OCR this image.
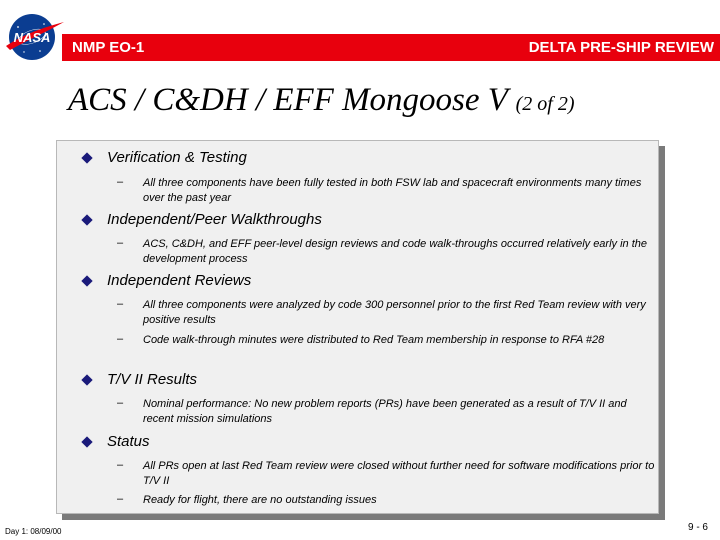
NASA
NMP EO-1	DELTA PRE-SHIP REVIEW
ACS / C&DH / EFF Mongoose V (2 of 2)
Verification & Testing
– All three components have been fully tested in both FSW lab and spacecraft environments many times over the past year
Independent/Peer Walkthroughs
– ACS, C&DH, and EFF peer-level design reviews and code walk-throughs occurred relatively early in the development process
Independent Reviews
– All three components were analyzed by code 300 personnel prior to the first Red Team review with very positive results
– Code walk-through minutes were distributed to Red Team membership in response to RFA #28
T/V II Results
– Nominal performance: No new problem reports (PRs) have been generated as a result of T/V II and recent mission simulations
Status
– All PRs open at last Red Team review were closed without further need for software modifications prior to T/V II
– Ready for flight, there are no outstanding issues
Day 1: 08/09/00	9 - 6
